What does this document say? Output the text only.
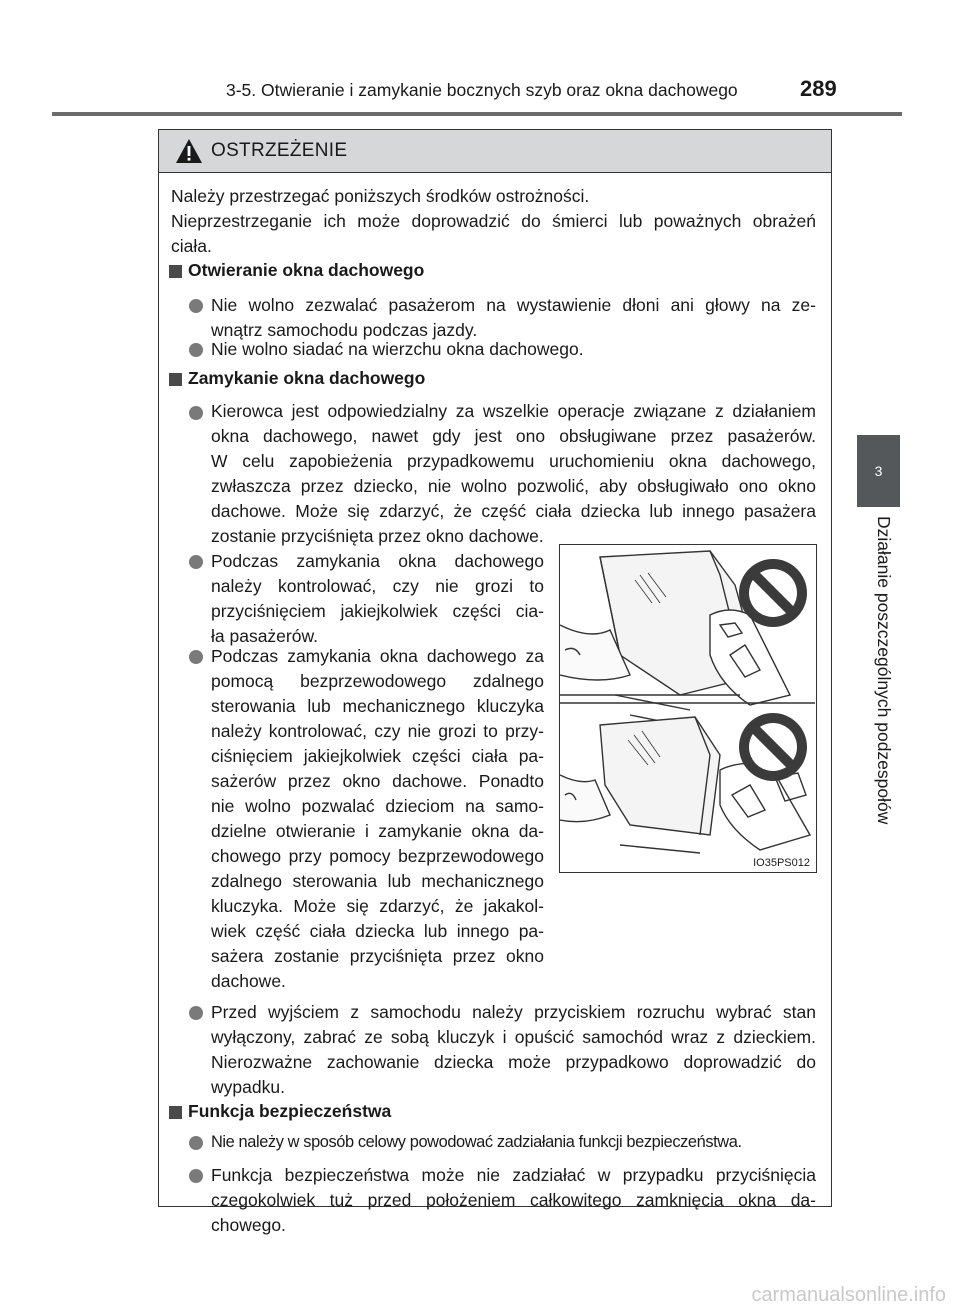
3-5. Otwieranie i zamykanie bocznych szyb oraz okna dachowego	289
3
Działanie poszczególnych podzespołów
OSTRZEŻENIE
Należy przestrzegać poniższych środków ostrożności.
Nieprzestrzeganie ich może doprowadzić do śmierci lub poważnych obrażeń
ciała.
Otwieranie okna dachowego
Nie wolno zezwalać pasażerom na wystawienie dłoni ani głowy na ze-
wnątrz samochodu podczas jazdy.
Nie wolno siadać na wierzchu okna dachowego.
Zamykanie okna dachowego
Kierowca jest odpowiedzialny za wszelkie operacje związane z działaniem
okna dachowego, nawet gdy jest ono obsługiwane przez pasażerów.
W celu zapobieżenia przypadkowemu uruchomieniu okna dachowego,
zwłaszcza przez dziecko, nie wolno pozwolić, aby obsługiwało ono okno
dachowe. Może się zdarzyć, że część ciała dziecka lub innego pasażera
zostanie przyciśnięta przez okno dachowe.
Podczas zamykania okna dachowego
należy kontrolować, czy nie grozi to
przyciśnięciem jakiejkolwiek części cia-
ła pasażerów.
Podczas zamykania okna dachowego za
pomocą bezprzewodowego zdalnego
sterowania lub mechanicznego kluczyka
należy kontrolować, czy nie grozi to przy-
ciśnięciem jakiejkolwiek części ciała pa-
sażerów przez okno dachowe. Ponadto
nie wolno pozwalać dzieciom na samo-
dzielne otwieranie i zamykanie okna da-
chowego przy pomocy bezprzewodowego
zdalnego sterowania lub mechanicznego
kluczyka. Może się zdarzyć, że jakakol-
wiek część ciała dziecka lub innego pa-
sażera zostanie przyciśnięta przez okno
dachowe.
Przed wyjściem z samochodu należy przyciskiem rozruchu wybrać stan
wyłączony, zabrać ze sobą kluczyk i opuścić samochód wraz z dzieckiem.
Nierozważne zachowanie dziecka może przypadkowo doprowadzić do
wypadku.
Funkcja bezpieczeństwa
Nie należy w sposób celowy powodować zadziałania funkcji bezpieczeństwa.
Funkcja bezpieczeństwa może nie zadziałać w przypadku przyciśnięcia
czegokolwiek tuż przed położeniem całkowitego zamknięcia okna da-
chowego.
IO35PS012
carmanualsonline.info
